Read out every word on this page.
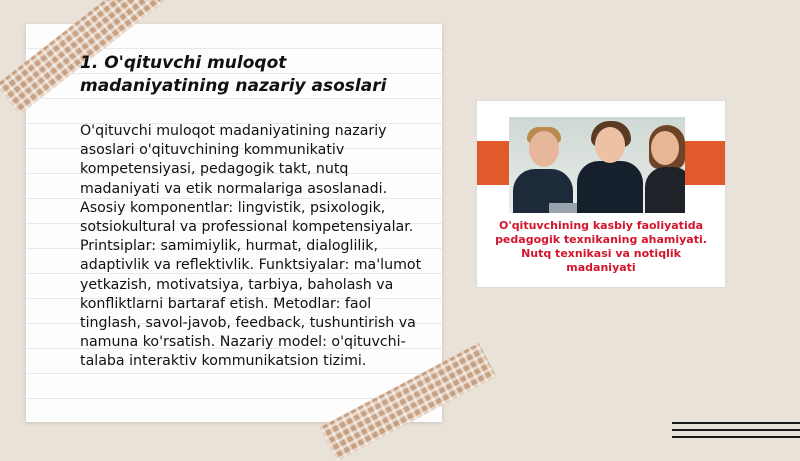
1. O'qituvchi muloqot madaniyatining nazariy asoslari

O'qituvchi muloqot madaniyatining nazariy asoslari o'qituvchining kommunikativ kompetensiyasi, pedagogik takt, nutq madaniyati va etik normalariga asoslanadi. Asosiy komponentlar: lingvistik, psixologik, sotsiokultural va professional kompetensiyalar. Printsiplar: samimiylik, hurmat, dialoglilik, adaptivlik va reflektivlik. Funktsiyalar: ma'lumot yetkazish, motivatsiya, tarbiya, baholash va konfliktlarni bartaraf etish. Metodlar: faol tinglash, savol-javob, feedback, tushuntirish va namuna ko'rsatish. Nazariy model: o'qituvchi-talaba interaktiv kommunikatsion tizimi.

O'qituvchining kasbiy faoliyatida pedagogik texnikaning ahamiyati. Nutq texnikasi va notiqlik madaniyati
